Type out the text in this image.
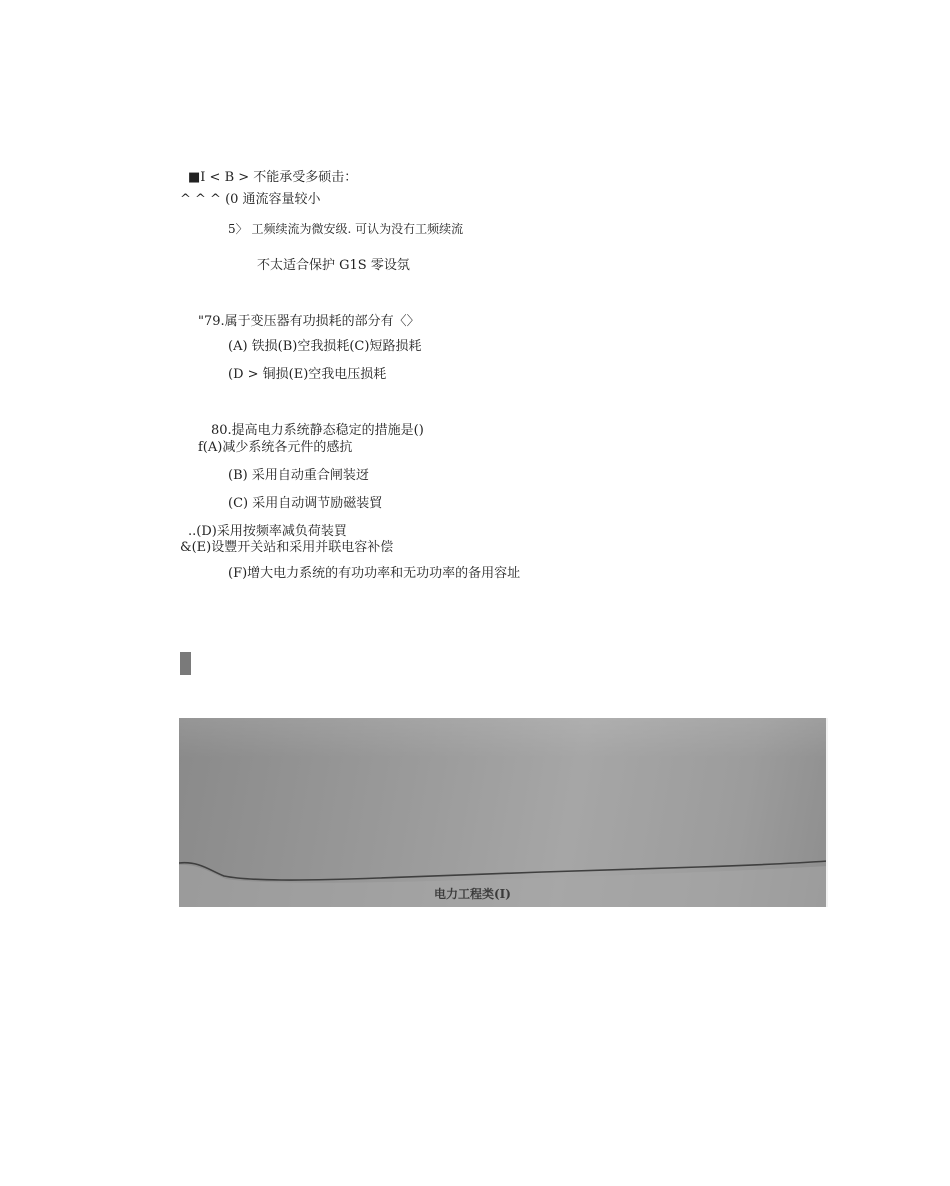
■I < B > 不能承受多硕击：
^ ^ ^ (0 通流容量较小
5〉 工频续流为微安级. 可认为没冇工频续流
不太适合保护 G1S 零设氛
"79.属于变压器有功损耗的部分有〈〉
(A) 铁损(B)空我损耗(C)短路损耗
(D > 铜损(E)空我电压损耗
80.提高电力系统静态稳定的措施是()
f(A)减少系统各元件的感抗
(B) 采用自动重合闸装迓
(C) 采用自动调节励磁装貿
..(D)采用按频率减负荷装買
&(E)设豐开关站和采用并联电容补偿
(F)增大电力系统的有功功率和无功功率的备用容址
电力工程类(I)
